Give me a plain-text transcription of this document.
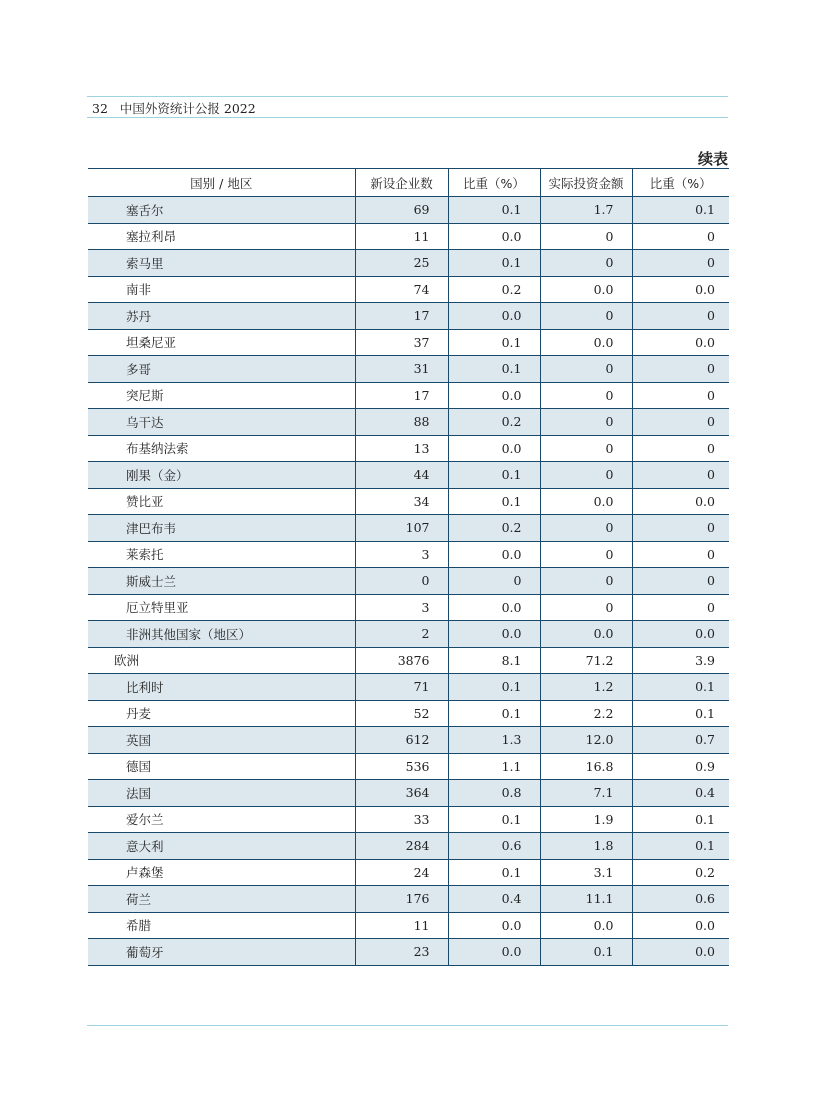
32 中国外资统计公报 2022
续表
国别 / 地区	新设企业数	比重（%）	实际投资金额	比重（%）
塞舌尔	69	0.1	1.7	0.1
塞拉利昂	11	0.0	0	0
索马里	25	0.1	0	0
南非	74	0.2	0.0	0.0
苏丹	17	0.0	0	0
坦桑尼亚	37	0.1	0.0	0.0
多哥	31	0.1	0	0
突尼斯	17	0.0	0	0
乌干达	88	0.2	0	0
布基纳法索	13	0.0	0	0
刚果（金）	44	0.1	0	0
赞比亚	34	0.1	0.0	0.0
津巴布韦	107	0.2	0	0
莱索托	3	0.0	0	0
斯威士兰	0	0	0	0
厄立特里亚	3	0.0	0	0
非洲其他国家（地区）	2	0.0	0.0	0.0
欧洲	3876	8.1	71.2	3.9
比利时	71	0.1	1.2	0.1
丹麦	52	0.1	2.2	0.1
英国	612	1.3	12.0	0.7
德国	536	1.1	16.8	0.9
法国	364	0.8	7.1	0.4
爱尔兰	33	0.1	1.9	0.1
意大利	284	0.6	1.8	0.1
卢森堡	24	0.1	3.1	0.2
荷兰	176	0.4	11.1	0.6
希腊	11	0.0	0.0	0.0
葡萄牙	23	0.0	0.1	0.0
